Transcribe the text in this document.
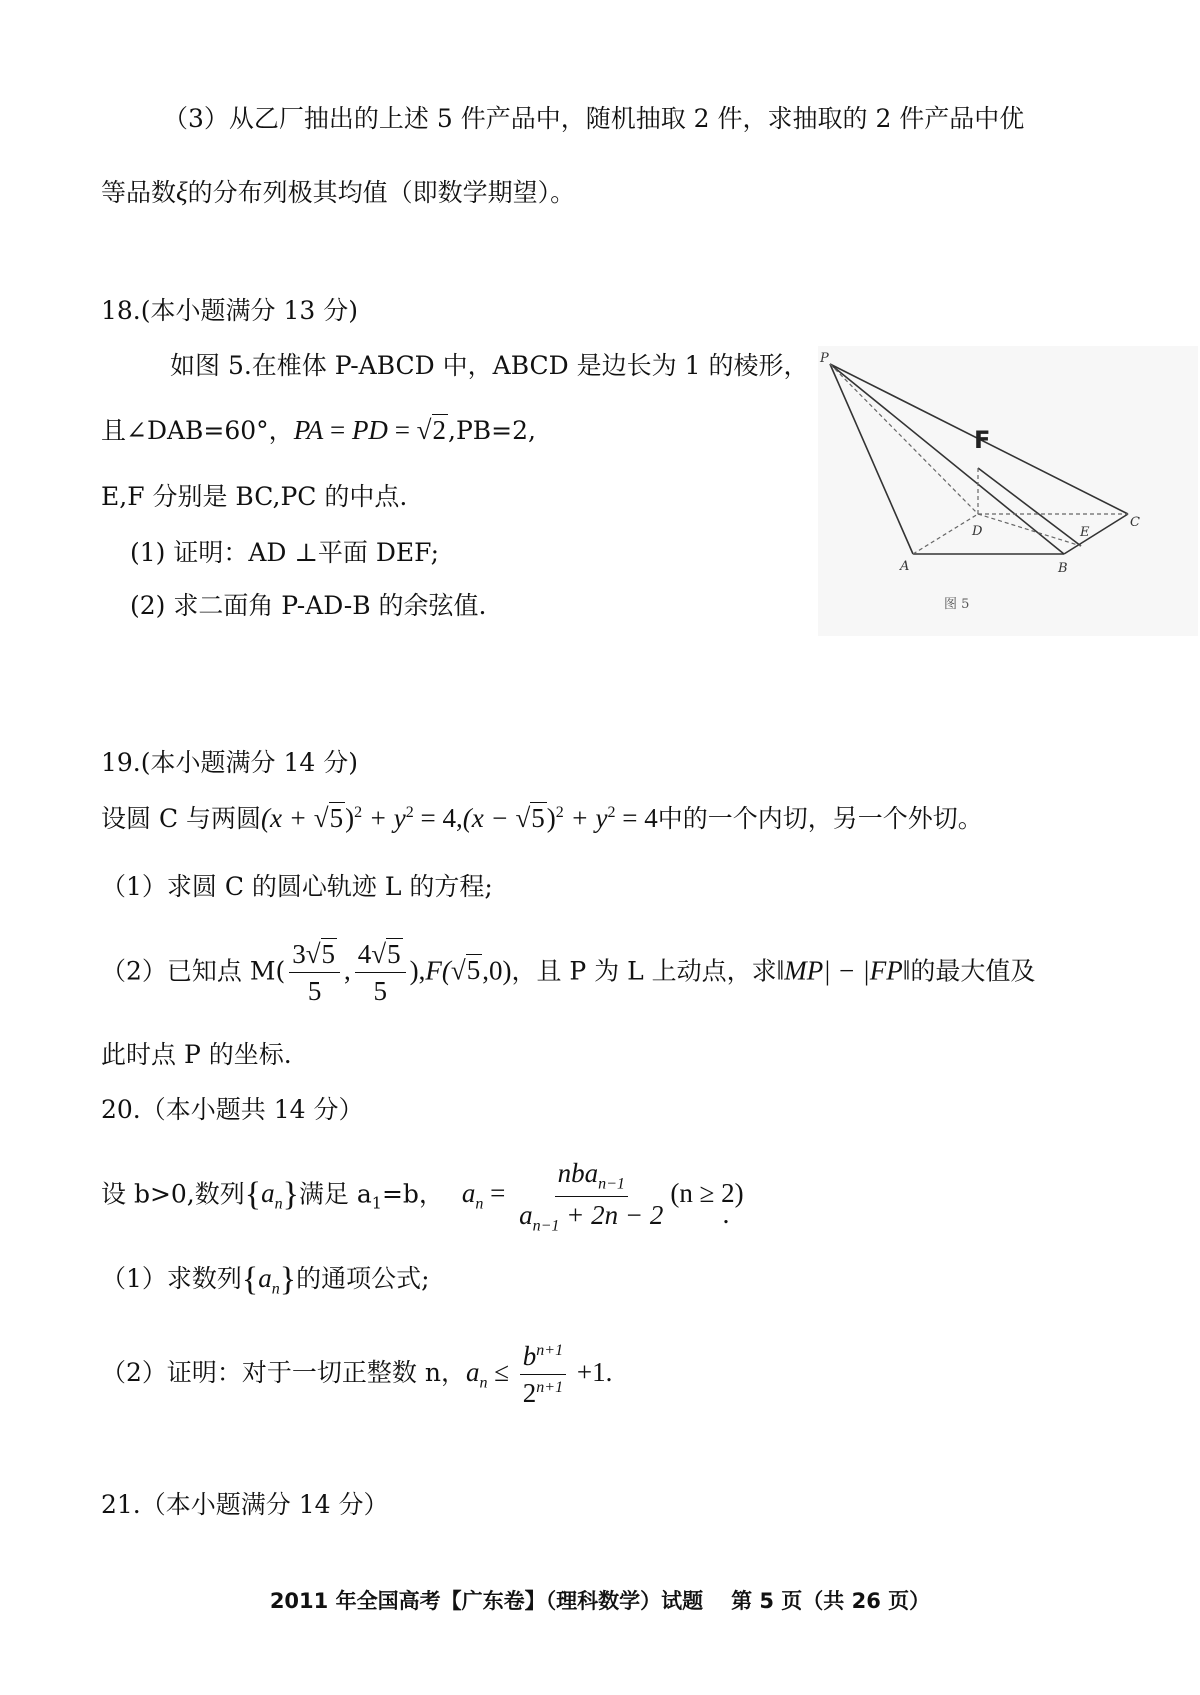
（3）从乙厂抽出的上述 5 件产品中，随机抽取 2 件，求抽取的 2 件产品中优
等品数ξ的分布列极其均值（即数学期望）。
18.(本小题满分 13 分)
如图 5.在椎体 P-ABCD 中，ABCD 是边长为 1 的棱形，
且∠DAB=60°，PA = PD = √2,PB=2,
E,F 分别是 BC,PC 的中点.
(1) 证明：AD ⊥平面 DEF;
(2) 求二面角 P-AD-B 的余弦值.
P
F
D
C
E
A	B
图 5
19.(本小题满分 14 分)
设圆 C 与两圆$(x + √5)^2 + y^2 = 4,(x - √5)^2 + y^2 = 4$中的一个内切，另一个外切。
（1）求圆 C 的圆心轨迹 L 的方程;
（2）已知点 $M( \frac{3√5}{5}$ , $\frac{4√5}{5} ),F(√5,0)$，且 P 为 L 上动点，求‖MP| − |FP‖的最大值及
此时点 P 的坐标.
20.（本小题共 14 分）
设 b>0,数列$\{a_n\}$满足 $a_1=b$， $a_n = \frac{nba_{n-1}}{a_{n-1} + 2n - 2} (n \ge 2)$
.
（1）求数列$\{a_n\}$的通项公式;
（2）证明：对于一切正整数 n，$a_n \le \frac{b^{n+1}}{2^{n+1}} +1$.
21.（本小题满分 14 分）
2011 年全国高考【广东卷】（理科数学）试题 第 5 页（共 26 页）
